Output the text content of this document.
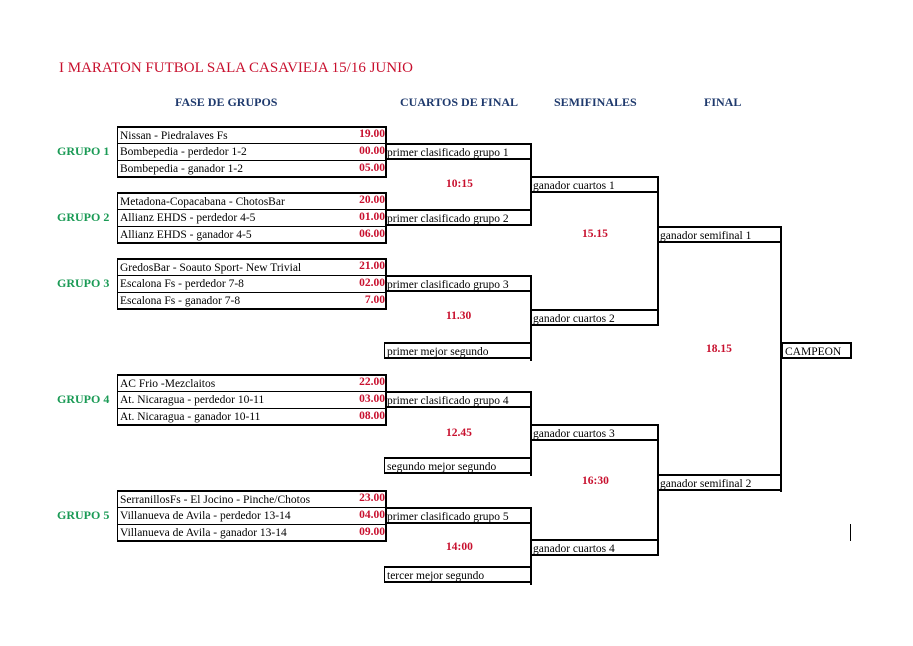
I MARATON FUTBOL SALA CASAVIEJA 15/16 JUNIO
FASE DE GRUPOS	CUARTOS DE FINAL	SEMIFINALES	FINAL
GRUPO 1
GRUPO 2
GRUPO 3
GRUPO 4
GRUPO 5
Nissan - Piedralaves Fs	19.00
Bombepedia - perdedor 1-2	00.00
Bombepedia - ganador 1-2	05.00
Metadona-Copacabana - ChotosBar	20.00
Allianz EHDS - perdedor 4-5	01.00
Allianz EHDS - ganador 4-5	06.00
GredosBar - Soauto Sport- New Trivial	21.00
Escalona Fs - perdedor 7-8	02.00
Escalona Fs - ganador 7-8	7.00
AC Frio -Mezclaitos	22.00
At. Nicaragua - perdedor 10-11	03.00
At. Nicaragua - ganador 10-11	08.00
SerranillosFs - El Jocino - Pinche/Chotos	23.00
Villanueva de Avila - perdedor 13-14	04.00
Villanueva de Avila - ganador 13-14	09.00
primer clasificado grupo 1
primer clasificado grupo 2
primer clasificado grupo 3
primer mejor segundo
primer clasificado grupo 4
segundo mejor segundo
primer clasificado grupo 5
tercer mejor segundo
10:15
11.30
12.45
14:00
ganador cuartos 1
ganador cuartos 2
ganador cuartos 3
ganador cuartos 4
15.15
16:30
ganador semifinal 1
ganador semifinal 2
18.15	CAMPEON
